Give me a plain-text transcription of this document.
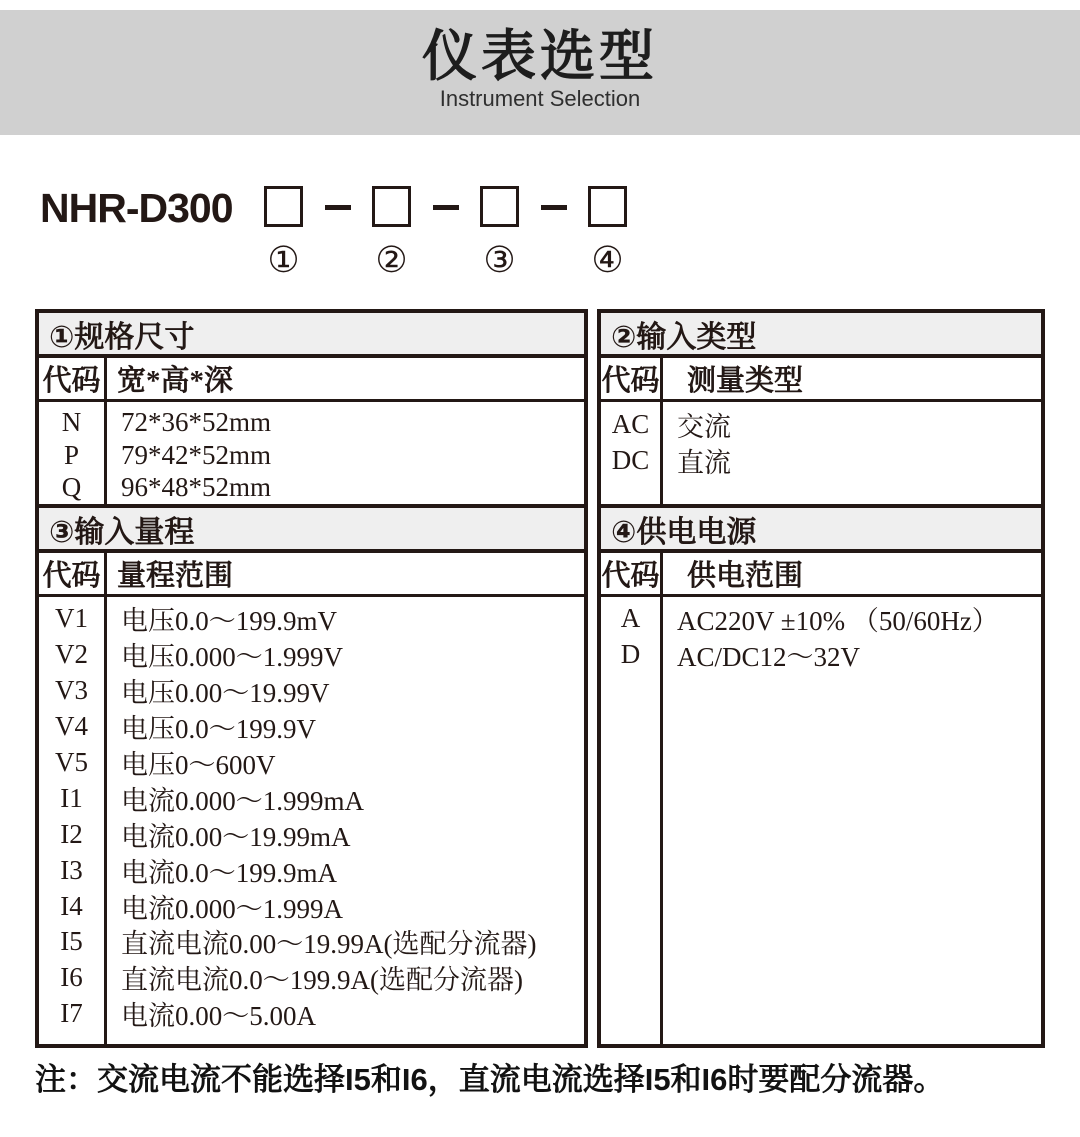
仪表选型
Instrument Selection
NHR-D300
① ② ③ ④
①规格尺寸
代码 宽*高*深
N
P
Q
72*36*52mm
79*42*52mm
96*48*52mm
③输入量程
代码 量程范围
V1
V2
V3
V4
V5
I1
I2
I3
I4
I5
I6
I7
电压0.0～199.9mV
电压0.000～1.999V
电压0.00～19.99V
电压0.0～199.9V
电压0～600V
电流0.000～1.999mA
电流0.00～19.99mA
电流0.0～199.9mA
电流0.000～1.999A
直流电流0.00～19.99A(选配分流器)
直流电流0.0～199.9A(选配分流器)
电流0.00～5.00A
②输入类型
代码 测量类型
AC
DC
交流
直流
④供电电源
代码 供电范围
A
D
AC220V ±10% （50/60Hz）
AC/DC12～32V
注：交流电流不能选择I5和I6，直流电流选择I5和I6时要配分流器。
